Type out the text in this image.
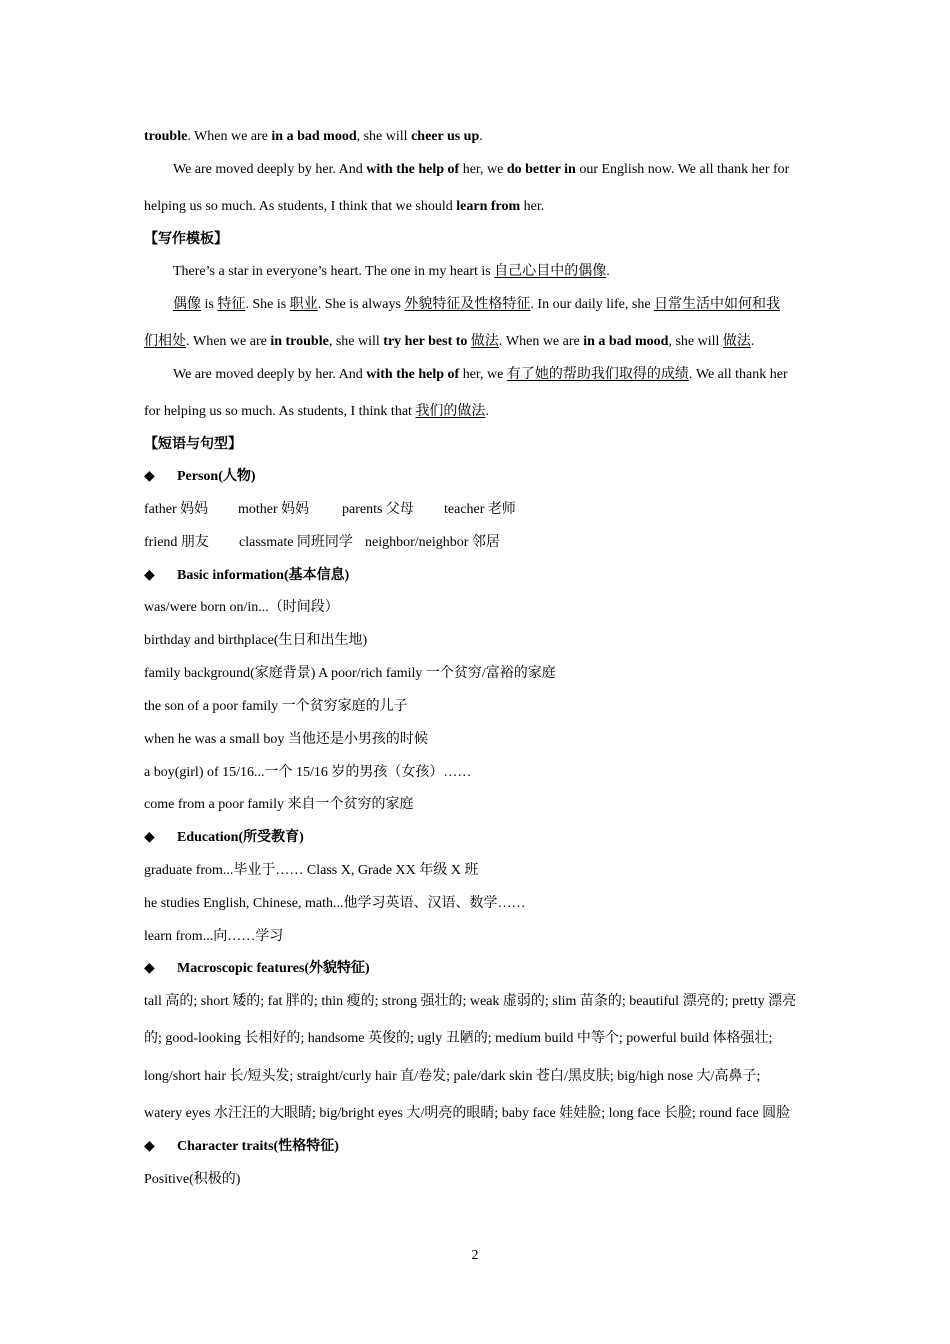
trouble. When we are in a bad mood, she will cheer us up.
We are moved deeply by her. And with the help of her, we do better in our English now. We all thank her for
helping us so much. As students, I think that we should learn from her.
【写作模板】
There’s a star in everyone’s heart. The one in my heart is 自己心目中的偶像.
偶像 is 特征. She is 职业. She is always 外貌特征及性格特征. In our daily life, she 日常生活中如何和我
们相处. When we are in trouble, she will try her best to 做法. When we are in a bad mood, she will 做法.
We are moved deeply by her. And with the help of her, we 有了她的帮助我们取得的成绩. We all thank her
for helping us so much. As students, I think that 我们的做法.
【短语与句型】
◆ Person(人物)
father 妈妈 mother 妈妈 parents 父母 teacher 老师
friend 朋友 classmate 同班同学 neighbor/neighbor 邻居
◆ Basic information(基本信息)
was/were born on/in...（时间段）
birthday and birthplace(生日和出生地)
family background(家庭背景) A poor/rich family 一个贫穷/富裕的家庭
the son of a poor family 一个贫穷家庭的儿子
when he was a small boy 当他还是小男孩的时候
a boy(girl) of 15/16...一个 15/16 岁的男孩（女孩）……
come from a poor family 来自一个贫穷的家庭
◆ Education(所受教育)
graduate from...毕业于…… Class X, Grade XX 年级 X 班
he studies English, Chinese, math...他学习英语、汉语、数学……
learn from...向……学习
◆ Macroscopic features(外貌特征)
tall 高的; short 矮的; fat 胖的; thin 瘦的; strong 强壮的; weak 虚弱的; slim 苗条的; beautiful 漂亮的; pretty 漂亮
的; good-looking 长相好的; handsome 英俊的; ugly 丑陋的; medium build 中等个; powerful build 体格强壮;
long/short hair 长/短头发; straight/curly hair 直/卷发; pale/dark skin 苍白/黑皮肤; big/high nose 大/高鼻子;
watery eyes 水汪汪的大眼睛; big/bright eyes 大/明亮的眼睛; baby face 娃娃脸; long face 长脸; round face 圆脸
◆ Character traits(性格特征)
Positive(积极的)
2
